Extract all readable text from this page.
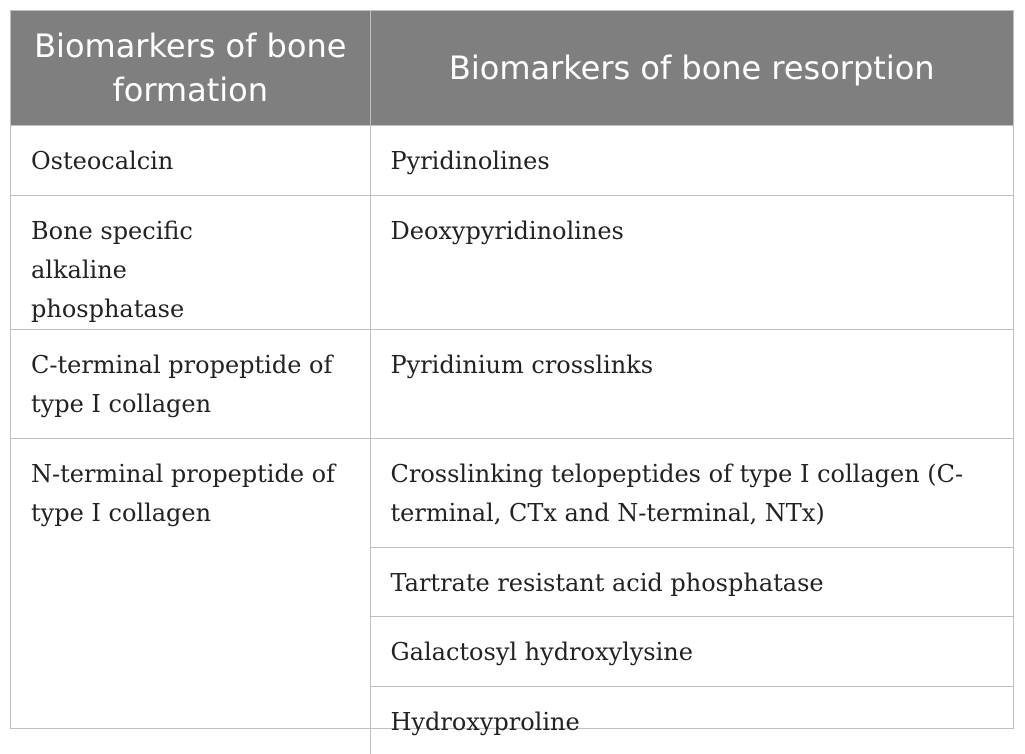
Biomarkers of bone formation	Biomarkers of bone resorption
Osteocalcin	Pyridinolines
Bone specific alkaline phosphatase	Deoxypyridinolines
C-terminal propeptide of type I collagen	Pyridinium crosslinks
N-terminal propeptide of type I collagen	Crosslinking telopeptides of type I collagen (C-terminal, CTx and N-terminal, NTx)
	Tartrate resistant acid phosphatase
	Galactosyl hydroxylysine
	Hydroxyproline
